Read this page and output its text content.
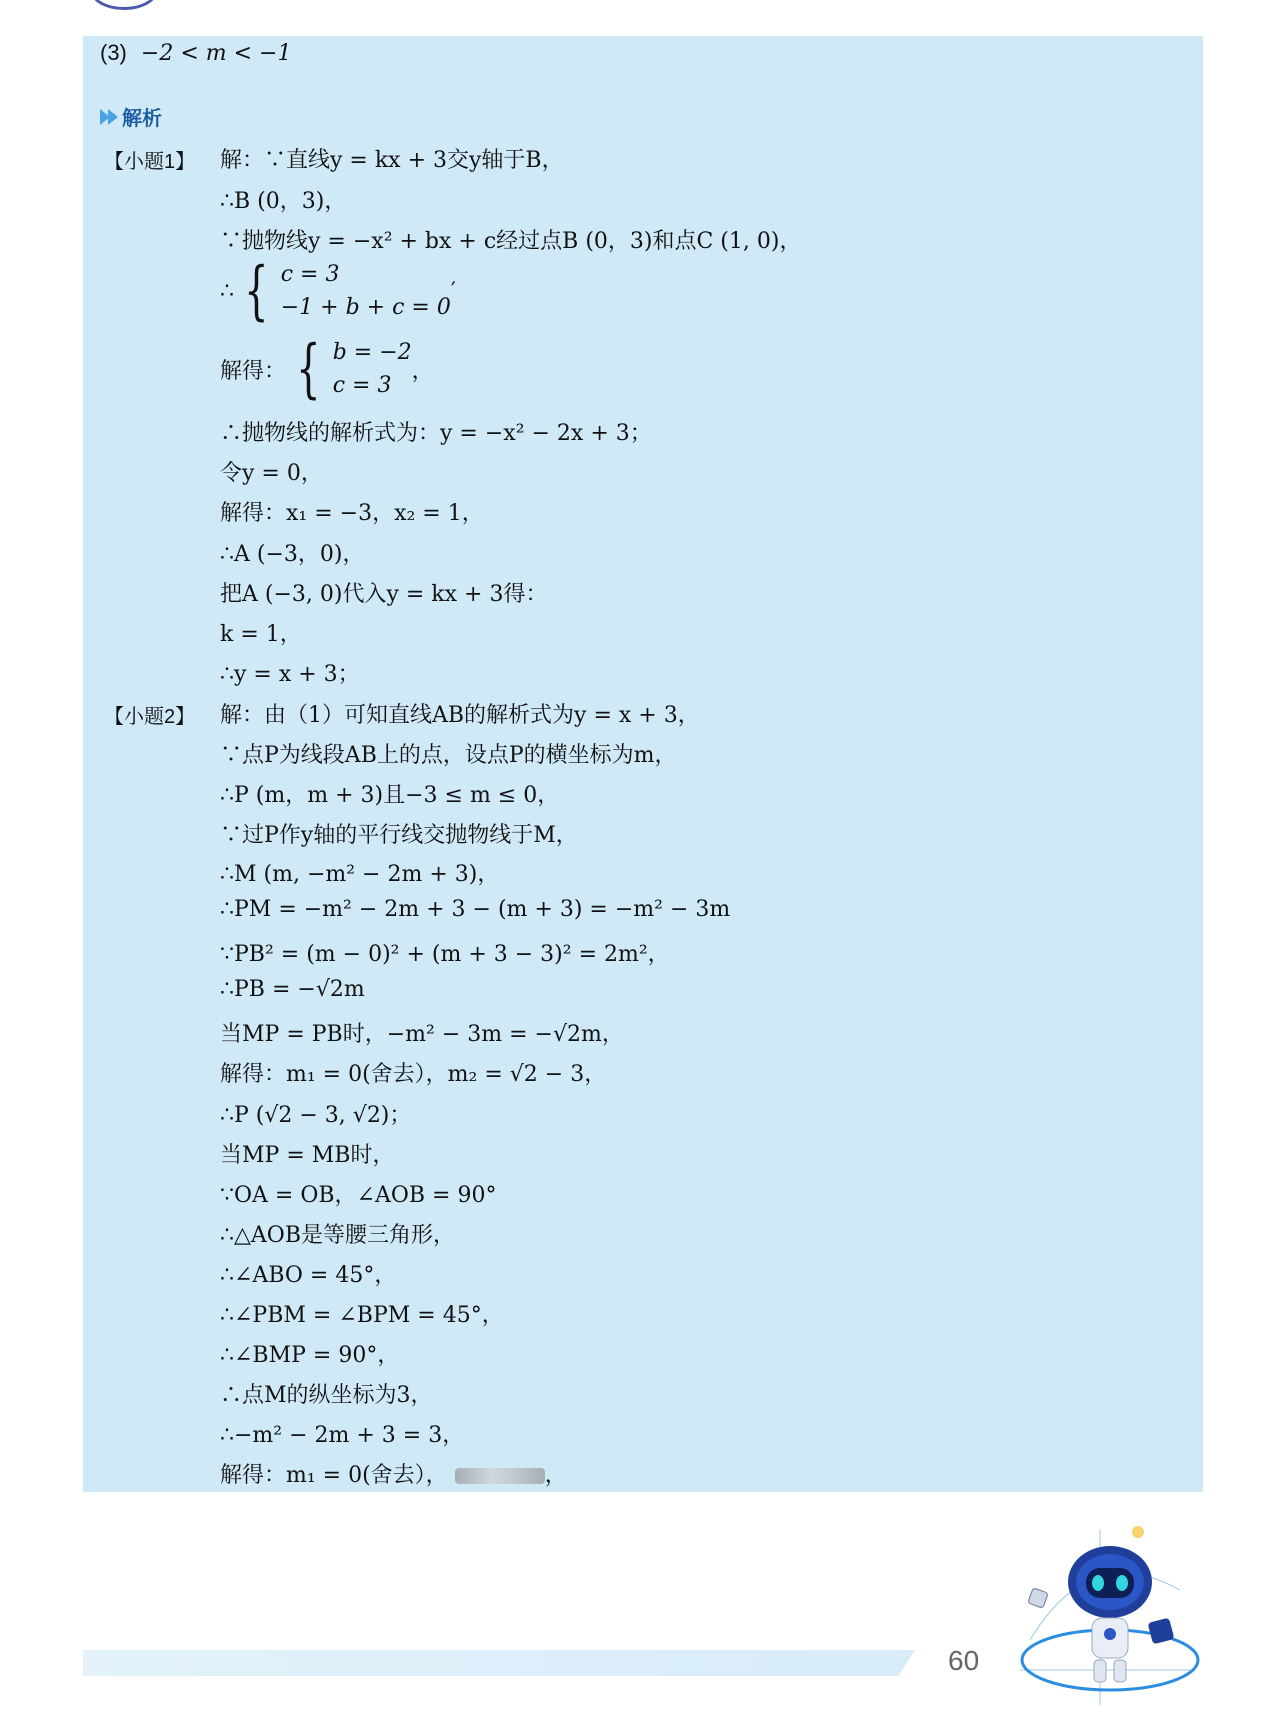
(3) −2 < m < −1
解析
【小题1】 解：∵直线y = kx + 3交y轴于B，
∴B (0，3)，
∵抛物线y = −x² + bx + c经过点B (0，3)和点C (1, 0)，
∴ { c = 3
−1 + b + c = 0
′
解得： { b = −2
c = 3
，
∴抛物线的解析式为：y = −x² − 2x + 3；
令y = 0，
解得：x₁ = −3，x₂ = 1，
∴A (−3，0)，
把A (−3, 0)代入y = kx + 3得：
k = 1，
∴y = x + 3；
【小题2】 解：由（1）可知直线AB的解析式为y = x + 3，
∵点P为线段AB上的点，设点P的横坐标为m，
∴P (m，m + 3)且−3 ≤ m ≤ 0，
∵过P作y轴的平行线交抛物线于M，
∴M (m, −m² − 2m + 3)，
∴PM = −m² − 2m + 3 − (m + 3) = −m² − 3m
∵PB² = (m − 0)² + (m + 3 − 3)² = 2m²，
∴PB = −√2m
当MP = PB时，−m² − 3m = −√2m，
解得：m₁ = 0(舍去），m₂ = √2 − 3，
∴P (√2 − 3, √2)；
当MP = MB时，
∵OA = OB，∠AOB = 90°
∴△AOB是等腰三角形，
∴∠ABO = 45°，
∴∠PBM = ∠BPM = 45°，
∴∠BMP = 90°，
∴点M的纵坐标为3，
∴−m² − 2m + 3 = 3，
解得：m₁ = 0(舍去），	，
60
